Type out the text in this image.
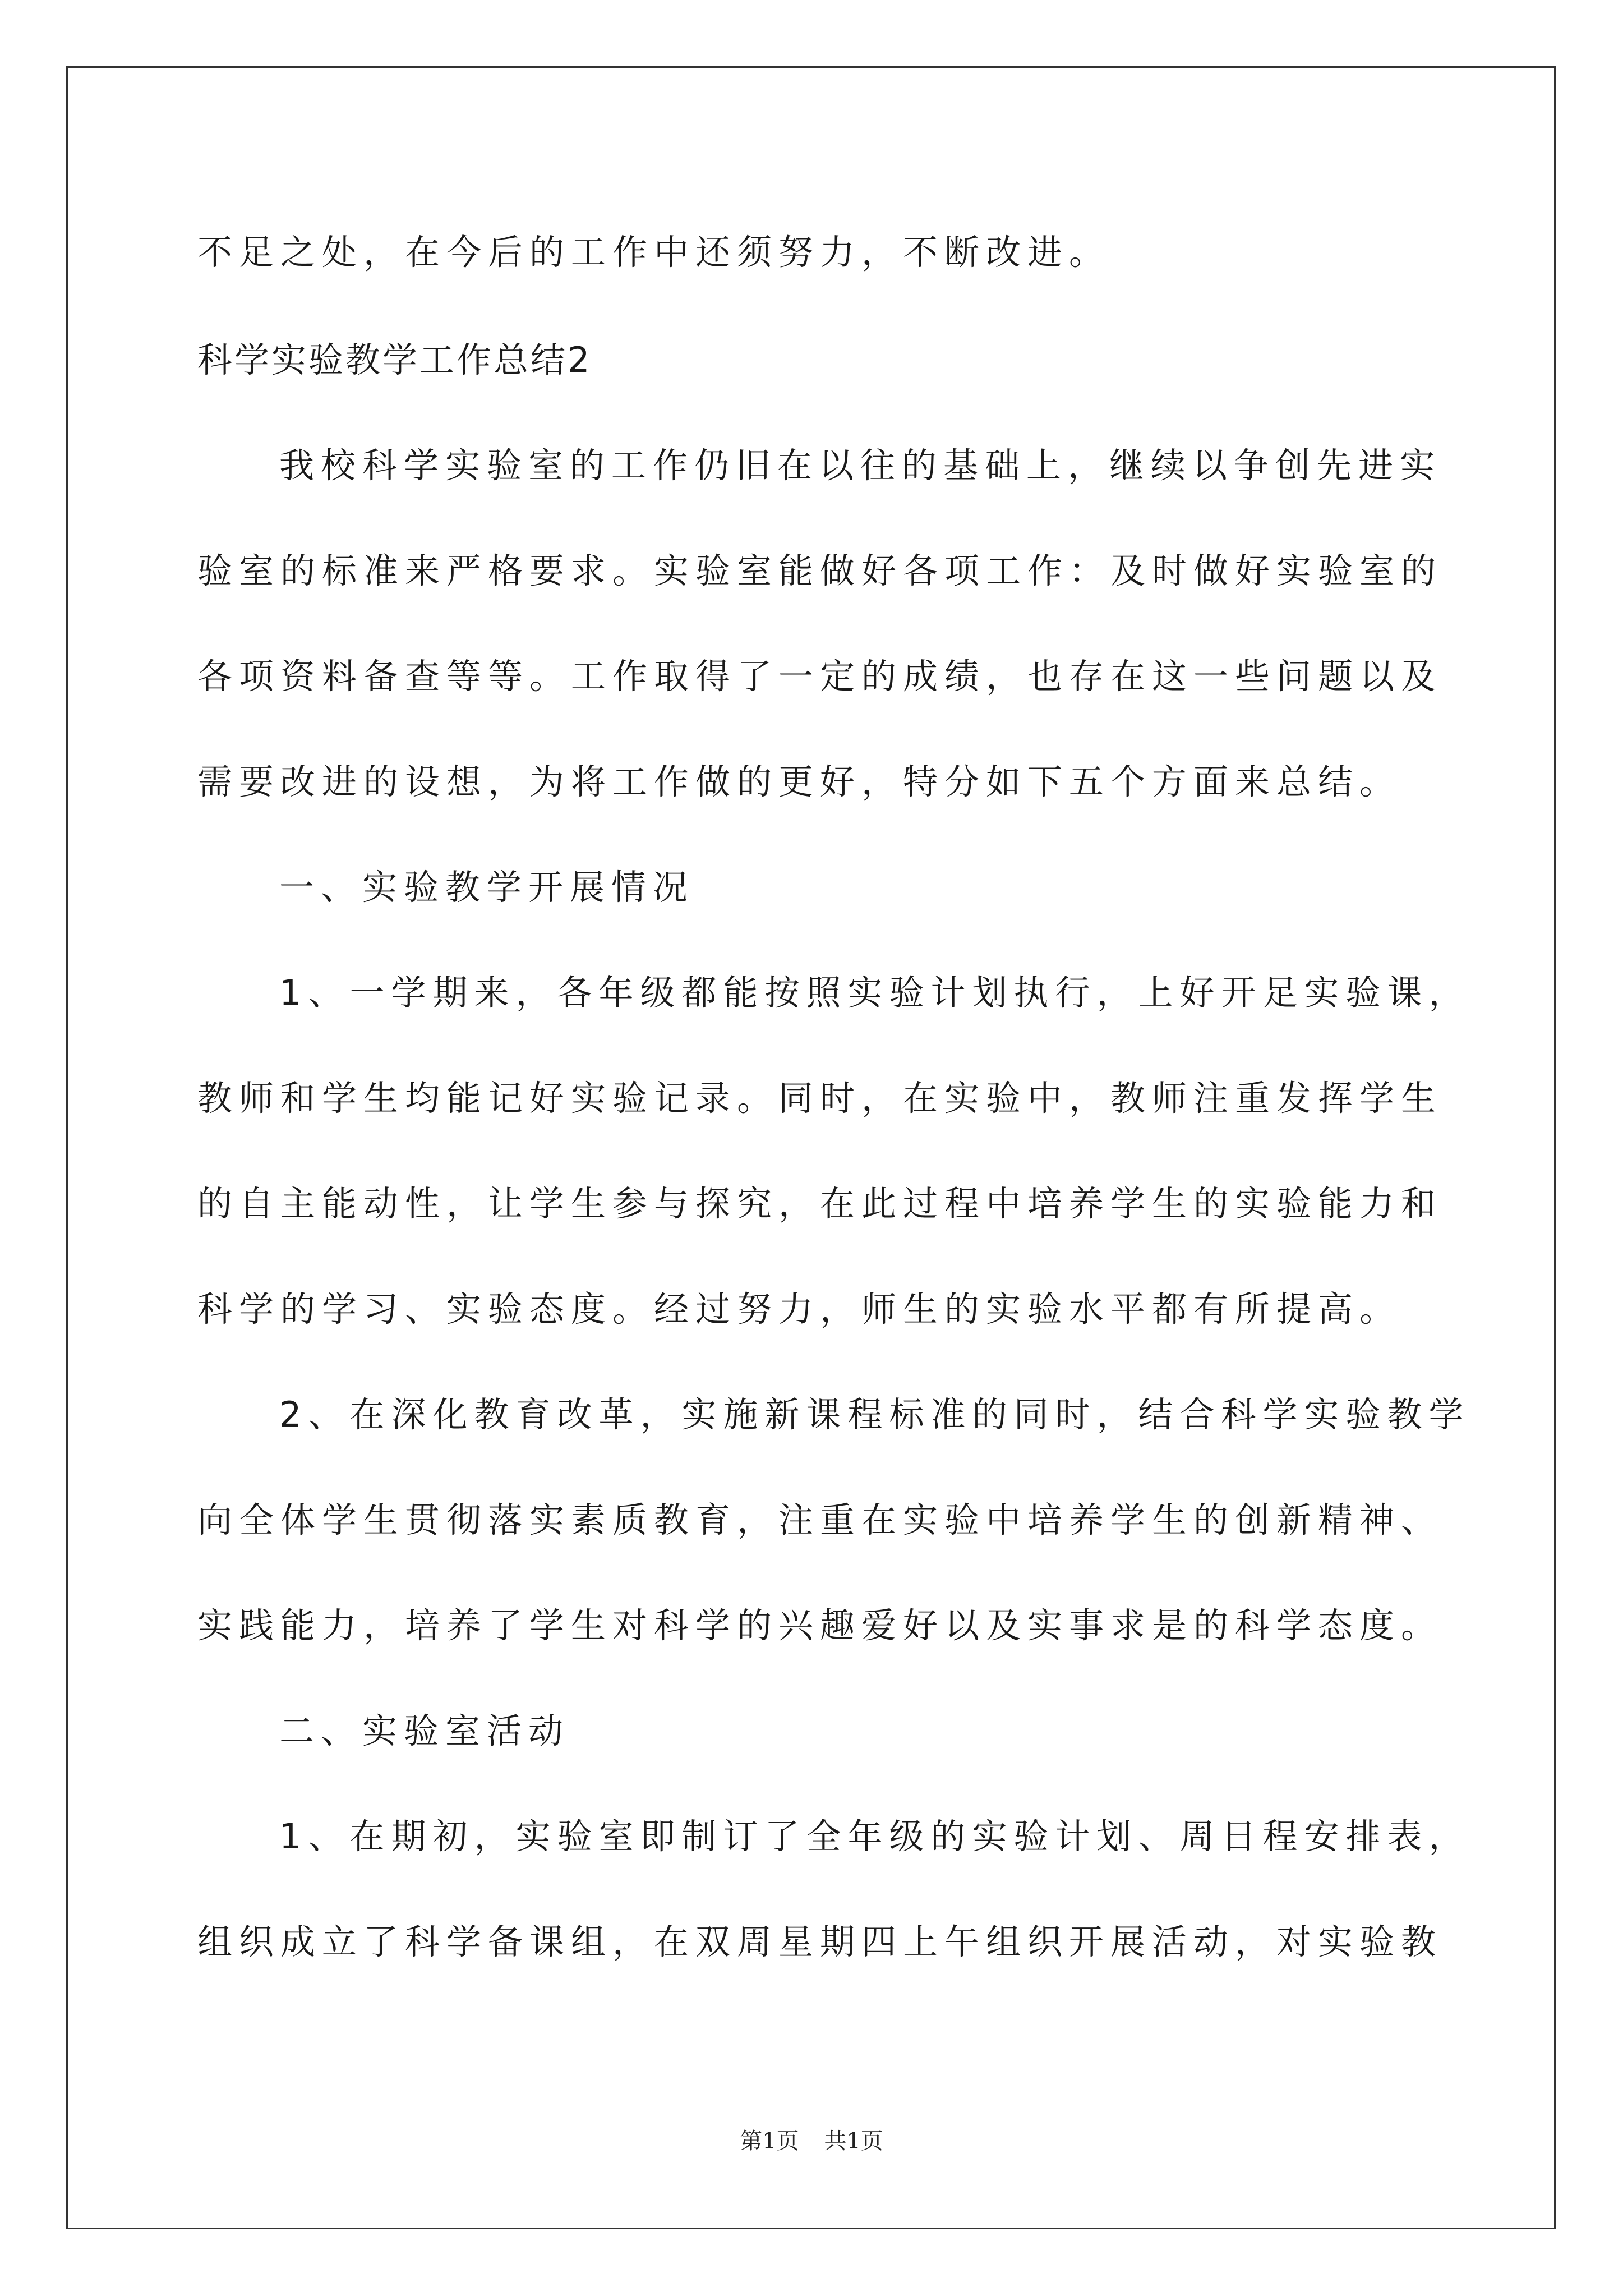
不足之处，在今后的工作中还须努力，不断改进。
科学实验教学工作总结2
我校科学实验室的工作仍旧在以往的基础上，继续以争创先进实
验室的标准来严格要求。实验室能做好各项工作：及时做好实验室的
各项资料备查等等。工作取得了一定的成绩，也存在这一些问题以及
需要改进的设想，为将工作做的更好，特分如下五个方面来总结。
一、实验教学开展情况
1、一学期来，各年级都能按照实验计划执行，上好开足实验课，
教师和学生均能记好实验记录。同时，在实验中，教师注重发挥学生
的自主能动性，让学生参与探究，在此过程中培养学生的实验能力和
科学的学习、实验态度。经过努力，师生的实验水平都有所提高。
2、在深化教育改革，实施新课程标准的同时，结合科学实验教学
向全体学生贯彻落实素质教育，注重在实验中培养学生的创新精神、
实践能力，培养了学生对科学的兴趣爱好以及实事求是的科学态度。
二、实验室活动
1、在期初，实验室即制订了全年级的实验计划、周日程安排表，
组织成立了科学备课组，在双周星期四上午组织开展活动，对实验教
第1页 共1页
